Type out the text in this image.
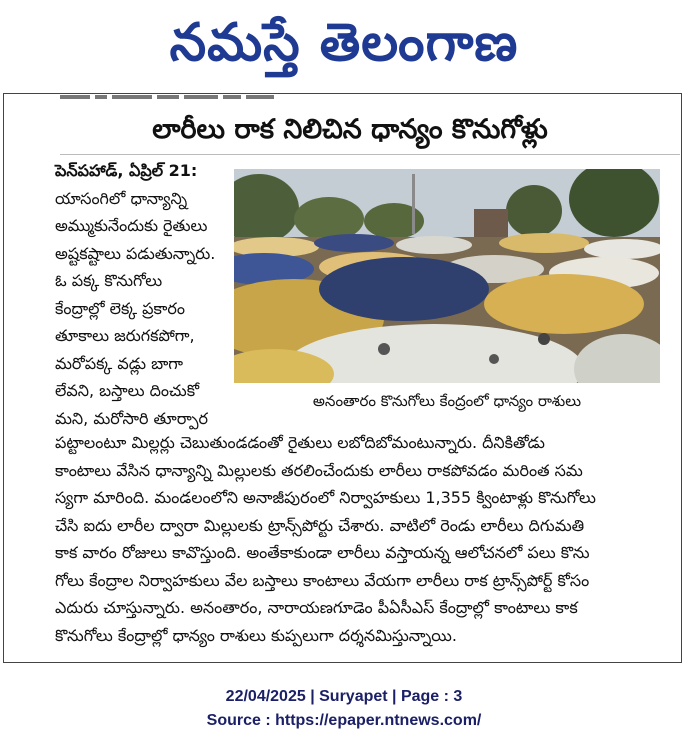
నమస్తే తెలంగాణ
లారీలు రాక నిలిచిన ధాన్యం కొనుగోళ్లు
పెన్‌పహాడ్‌, ఏప్రిల్‌ 21:
యాసంగిలో ధాన్యాన్ని
అమ్ముకునేందుకు రైతులు
అష్టకష్టాలు పడుతున్నారు.
ఓ పక్క కొనుగోలు
కేంద్రాల్లో లెక్క ప్రకారం
తూకాలు జరుగకపోగా,
మరోపక్క వడ్లు బాగా
లేవని, బస్తాలు దించుకో
మని, మరోసారి తూర్పార
అనంతారం కొనుగోలు కేంద్రంలో ధాన్యం రాశులు
పట్టాలంటూ మిల్లర్లు చెబుతుండడంతో రైతులు లబోదిబోమంటున్నారు. దీనికితోడు
కాంటాలు వేసిన ధాన్యాన్ని మిల్లులకు తరలించేందుకు లారీలు రాకపోవడం మరింత సమ
స్యగా మారింది. మండలంలోని అనాజీపురంలో నిర్వాహకులు 1,355 క్వింటాళ్లు కొనుగోలు
చేసి ఐదు లారీల ద్వారా మిల్లులకు ట్రాన్స్‌పోర్టు చేశారు. వాటిలో రెండు లారీలు దిగుమతి
కాక వారం రోజులు కావొస్తుంది. అంతేకాకుండా లారీలు వస్తాయన్న ఆలోచనలో పలు కొను
గోలు కేంద్రాల నిర్వాహకులు వేల బస్తాలు కాంటాలు వేయగా లారీలు రాక ట్రాన్స్‌పోర్ట్‌ కోసం
ఎదురు చూస్తున్నారు. అనంతారం, నారాయణగూడెం పీఏసీఎస్‌ కేంద్రాల్లో కాంటాలు కాక
కొనుగోలు కేంద్రాల్లో ధాన్యం రాశులు కుప్పలుగా దర్శనమిస్తున్నాయి.
22/04/2025 | Suryapet | Page : 3
Source : https://epaper.ntnews.com/
